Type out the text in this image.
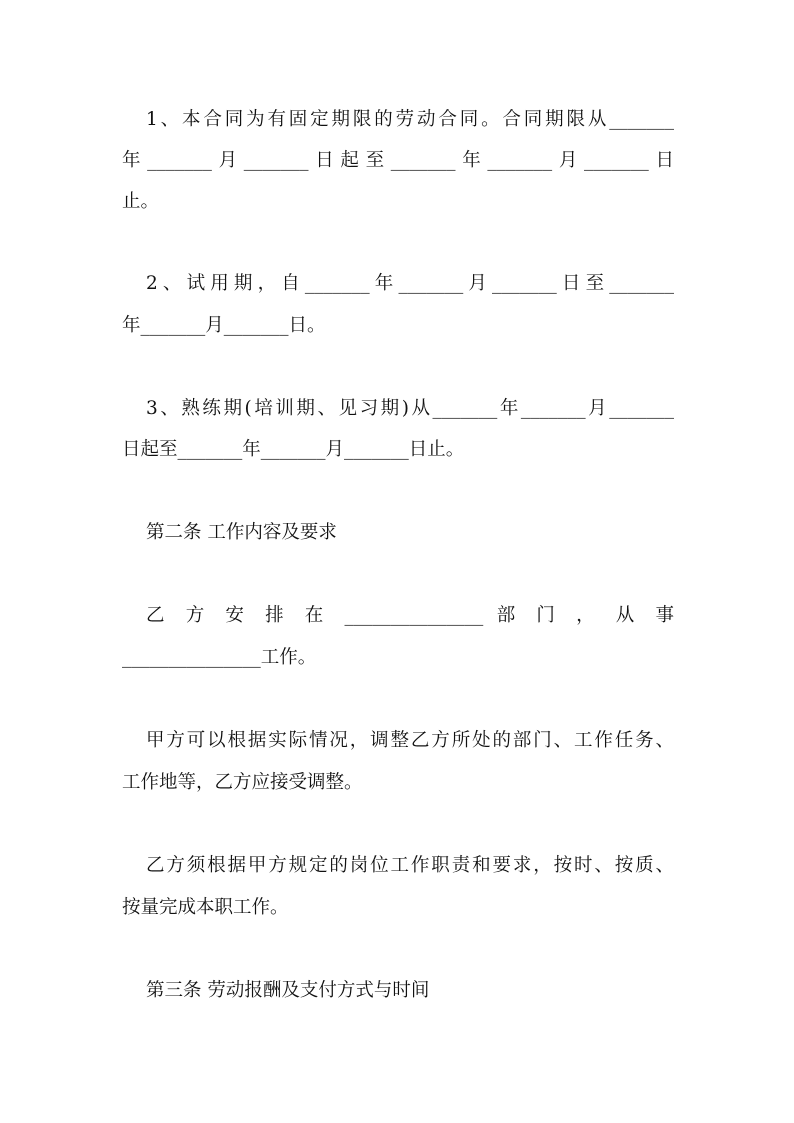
1、本合同为有固定期限的劳动合同。合同期限从_______
年_______月_______日起至_______年_______月_______日
止。
2、试用期，自_______年_______月_______日至_______
年_______月_______日。
3、熟练期(培训期、见习期)从_______年_______月_______
日起至_______年_______月_______日止。
第二条 工作内容及要求
乙 方 安 排 在 _______________ 部 门 ， 从 事
_______________工作。
甲方可以根据实际情况，调整乙方所处的部门、工作任务、
工作地等，乙方应接受调整。
乙方须根据甲方规定的岗位工作职责和要求，按时、按质、
按量完成本职工作。
第三条 劳动报酬及支付方式与时间
